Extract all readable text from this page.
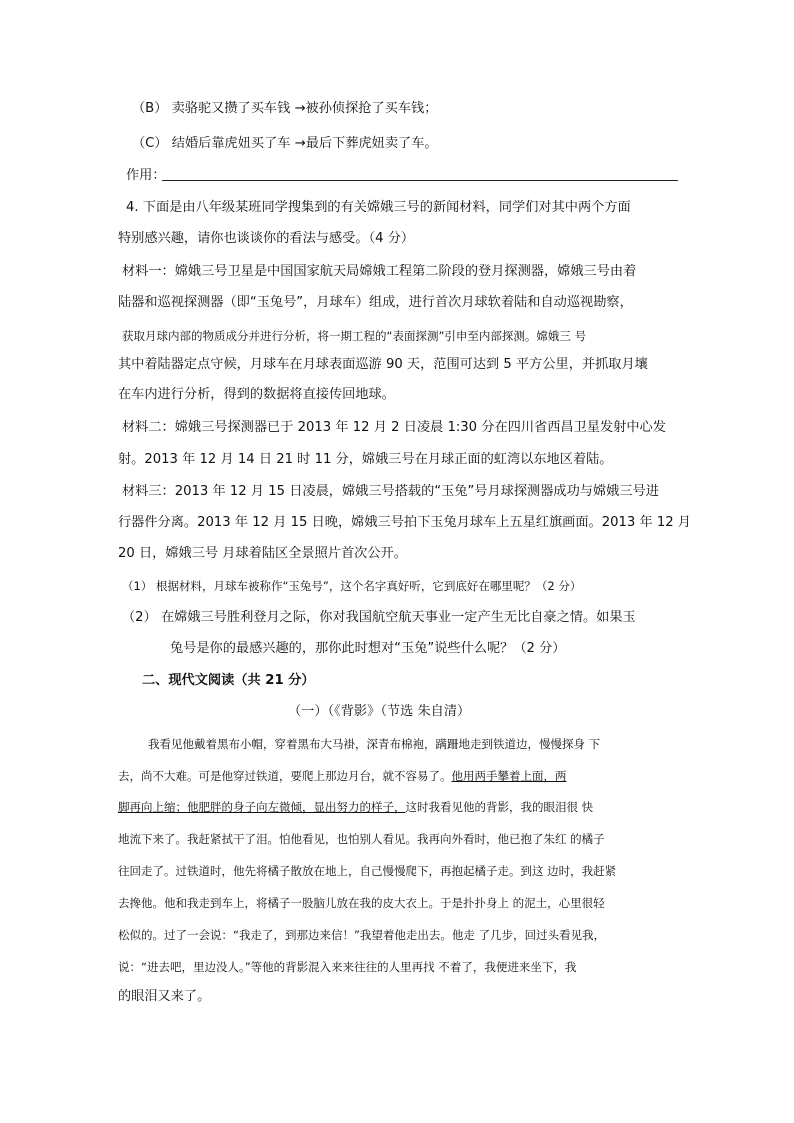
（B） 卖骆驼又攒了买车钱 →被孙侦探抢了买车钱；
（C） 结婚后靠虎妞买了车 →最后下葬虎妞卖了车。
作用：
4. 下面是由八年级某班同学搜集到的有关嫦娥三号的新闻材料，同学们对其中两个方面
特别感兴趣，请你也谈谈你的看法与感受。（4 分）
材料一：嫦娥三号卫星是中国国家航天局嫦娥工程第二阶段的登月探测器，嫦娥三号由着
陆器和巡视探测器（即“玉兔号”，月球车）组成，进行首次月球软着陆和自动巡视勘察，
获取月球内部的物质成分并进行分析，将一期工程的“表面探测”引申至内部探测。嫦娥三 号
其中着陆器定点守候，月球车在月球表面巡游 90 天，范围可达到 5 平方公里，并抓取月壤
在车内进行分析，得到的数据将直接传回地球。
材料二：嫦娥三号探测器已于 2013 年 12 月 2 日凌晨 1:30 分在四川省西昌卫星发射中心发
射。2013 年 12 月 14 日 21 时 11 分，嫦娥三号在月球正面的虹湾以东地区着陆。
材料三：2013 年 12 月 15 日凌晨，嫦娥三号搭载的“玉兔”号月球探测器成功与嫦娥三号进
行器件分离。2013 年 12 月 15 日晚，嫦娥三号拍下玉兔月球车上五星红旗画面。2013 年 12 月
20 日，嫦娥三号 月球着陆区全景照片首次公开。
（1） 根据材料，月球车被称作“玉兔号”，这个名字真好听，它到底好在哪里呢？（2 分）
（2） 在嫦娥三号胜利登月之际，你对我国航空航天事业一定产生无比自豪之情。如果玉
兔号是你的最感兴趣的，那你此时想对“玉兔”说些什么呢？（2 分）
二、现代文阅读（共 21 分）
（一）（《背影》（节选 朱自清）
我看见他戴着黑布小帽，穿着黑布大马褂，深青布棉袍，蹒跚地走到铁道边，慢慢探身 下
去，尚不大难。可是他穿过铁道，要爬上那边月台，就不容易了。他用两手攀着上面，两
脚再向上缩；他肥胖的身子向左微倾，显出努力的样子，这时我看见他的背影，我的眼泪很 快
地流下来了。我赶紧拭干了泪。怕他看见，也怕别人看见。我再向外看时，他已抱了朱红 的橘子
往回走了。过铁道时，他先将橘子散放在地上，自己慢慢爬下，再抱起橘子走。到这 边时，我赶紧
去搀他。他和我走到车上，将橘子一股脑儿放在我的皮大衣上。于是扑扑身上 的泥土，心里很轻
松似的。过了一会说：“我走了，到那边来信！”我望着他走出去。他走 了几步，回过头看见我，
说：“进去吧，里边没人。”等他的背影混入来来往往的人里再找 不着了，我便进来坐下，我
的眼泪又来了。
